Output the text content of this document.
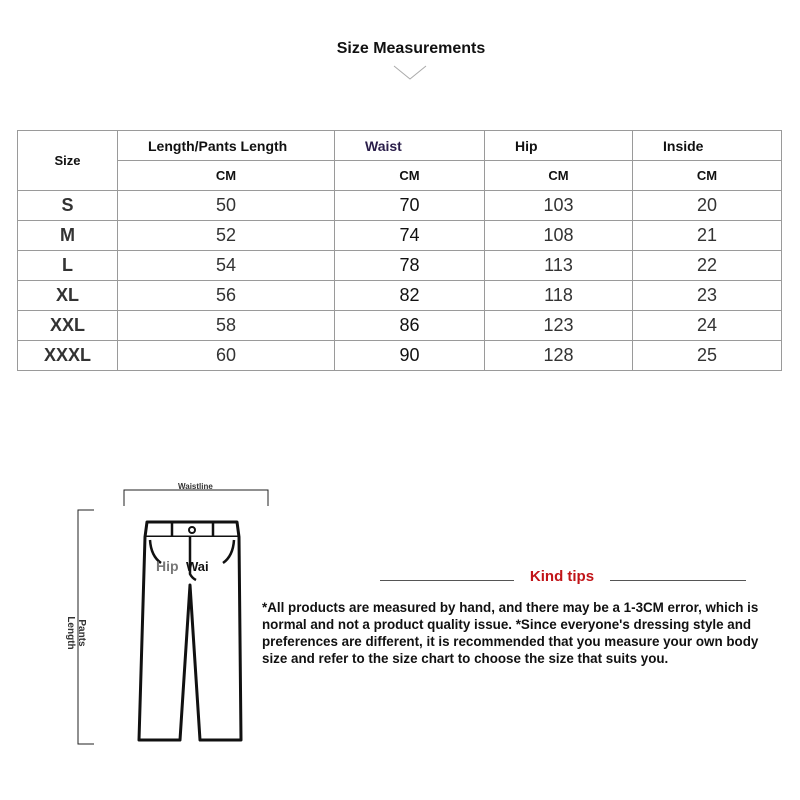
Size Measurements
Size	Length/Pants Length	Waist	Hip	Inside
	CM	CM	CM	CM
S	50	70	103	20
M	52	74	108	21
L	54	78	113	22
XL	56	82	118	23
XXL	58	86	123	24
XXXL	60	90	128	25
Waistline
Pants Length
Hip Wai
Kind tips
*All products are measured by hand, and there may be a 1-3CM error, which is normal and not a product quality issue. *Since everyone's dressing style and preferences are different, it is recommended that you measure your own body size and refer to the size chart to choose the size that suits you.
